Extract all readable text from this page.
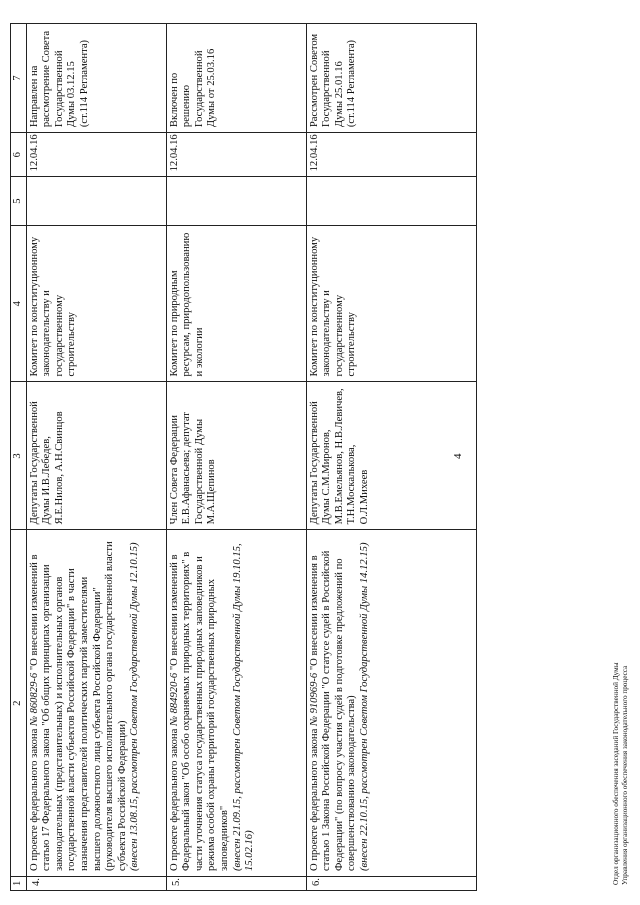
1	2	3	4	5	6	7
4.	О проекте федерального закона № 860829-6 "О внесении изменений в статью 17 Федерального закона "Об общих принципах организации законодательных (представительных) и исполнительных органов государственной власти субъектов Российской Федерации" в части назначения представителей политических партий заместителями высшего должностного лица субъекта Российской Федерации" (руководителя высшего исполнительного органа государственной власти субъекта Российской Федерации) (внесен 13.08.15, рассмотрен Советом Государственной Думы 12.10.15)	Депутаты Государственной Думы И.В.Лебедев, Я.Е.Нилов, А.Н.Свинцов	Комитет по конституционному законодательству и государственному строительству		12.04.16	Направлен на рассмотрение Совета Государственной Думы 03.12.15 (ст.114 Регламента)
5.	О проекте федерального закона № 884920-6 "О внесении изменений в Федеральный закон "Об особо охраняемых природных территориях" в части уточнения статуса государственных природных заповедников и режима особой охраны территорий государственных природных заповедников" (внесен 21.09.15, рассмотрен Советом Государственной Думы 19.10.15, 15.02.16)	Член Совета Федерации Е.В.Афанасьева; депутат Государственной Думы М.А.Щепинов	Комитет по природным ресурсам, природопользованию и экологии		12.04.16	Включен по решению Государственной Думы от 25.03.16
6.	О проекте федерального закона № 910969-6 "О внесении изменения в статью 1 Закона Российской Федерации "О статусе судей в Российской Федерации" (по вопросу участия судей в подготовке предложений по совершенствованию законодательства) (внесен 22.10.15, рассмотрен Советом Государственной Думы 14.12.15)	Депутаты Государственной Думы С.М.Миронов, М.В.Емельянов, Н.В.Левичев, Т.Н.Москалькова, О.Л.Михеев	Комитет по конституционному законодательству и государственному строительству		12.04.16	Рассмотрен Советом Государственной Думы 25.01.16 (ст.114 Регламента)
4
Отдел организационного обеспечения заседаний Государственной Думы Управления организационного обеспечения законодательного процесса
